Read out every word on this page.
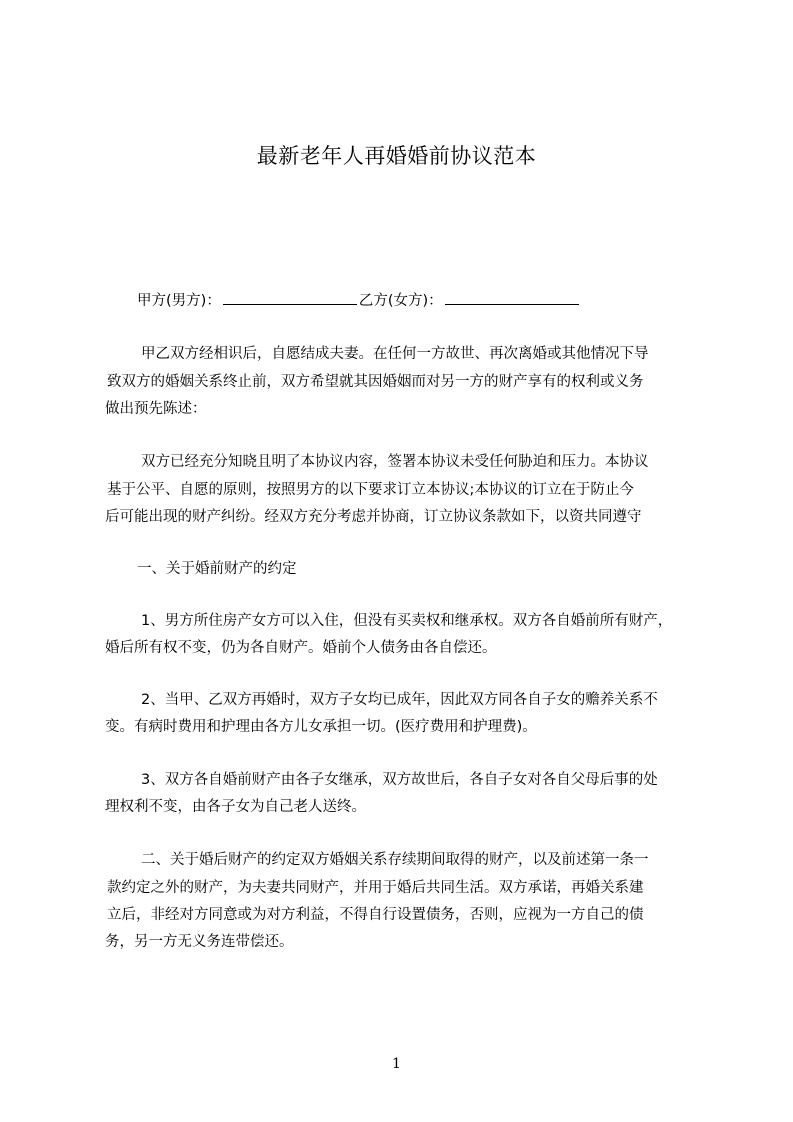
最新老年人再婚婚前协议范本
甲方(男方)：	乙方(女方)：
甲乙双方经相识后，自愿结成夫妻。在任何一方故世、再次离婚或其他情况下导
致双方的婚姻关系终止前，双方希望就其因婚姻而对另一方的财产享有的权利或义务
做出预先陈述：
双方已经充分知晓且明了本协议内容，签署本协议未受任何胁迫和压力。本协议
基于公平、自愿的原则，按照男方的以下要求订立本协议;本协议的订立在于防止今
后可能出现的财产纠纷。经双方充分考虑并协商，订立协议条款如下，以资共同遵守
一、关于婚前财产的约定
1、男方所住房产女方可以入住，但没有买卖权和继承权。双方各自婚前所有财产，
婚后所有权不变，仍为各自财产。婚前个人债务由各自偿还。
2、当甲、乙双方再婚时，双方子女均已成年，因此双方同各自子女的赡养关系不
变。有病时费用和护理由各方儿女承担一切。(医疗费用和护理费)。
3、双方各自婚前财产由各子女继承，双方故世后，各自子女对各自父母后事的处
理权利不变，由各子女为自己老人送终。
二、关于婚后财产的约定双方婚姻关系存续期间取得的财产，以及前述第一条一
款约定之外的财产，为夫妻共同财产，并用于婚后共同生活。双方承诺，再婚关系建
立后，非经对方同意或为对方利益，不得自行设置债务，否则，应视为一方自己的债
务，另一方无义务连带偿还。
1
